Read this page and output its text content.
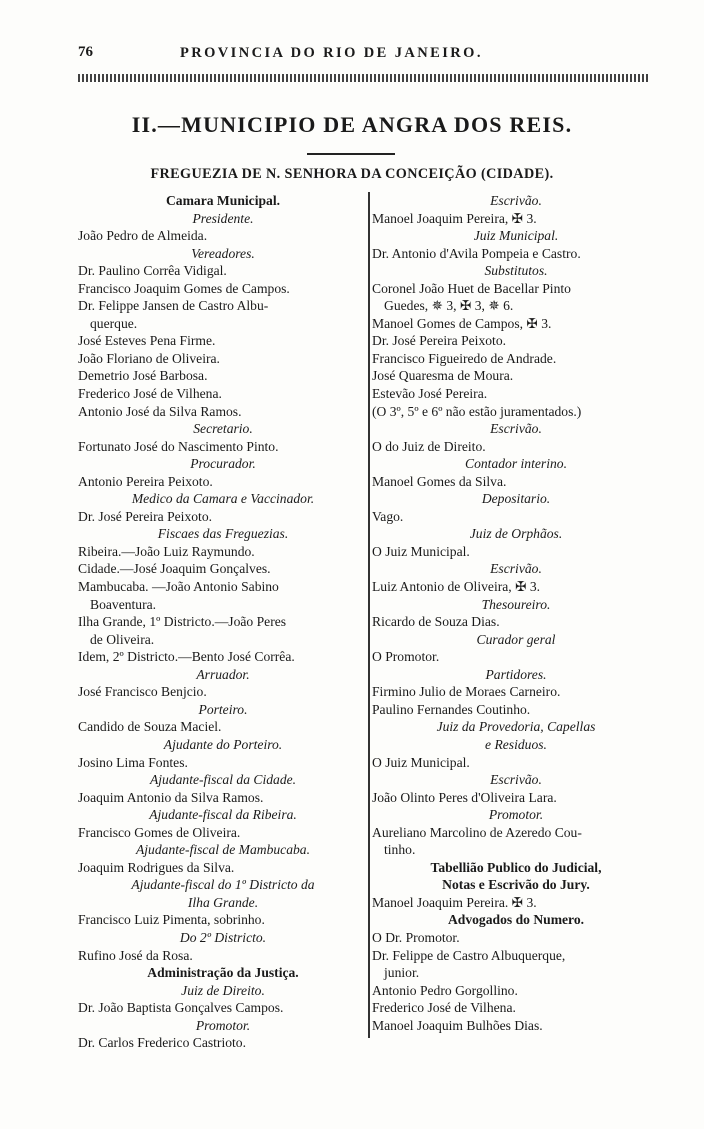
76	PROVINCIA DO RIO DE JANEIRO.
II.—MUNICIPIO DE ANGRA DOS REIS.
FREGUEZIA DE N. SENHORA DA CONCEIÇÃO (CIDADE).
Camara Municipal.
Presidente.
João Pedro de Almeida.
Vereadores.
Dr. Paulino Corrêa Vidigal.
Francisco Joaquim Gomes de Campos.
Dr. Felippe Jansen de Castro Albu-
querque.
José Esteves Pena Firme.
João Floriano de Oliveira.
Demetrio José Barbosa.
Frederico José de Vilhena.
Antonio José da Silva Ramos.
Secretario.
Fortunato José do Nascimento Pinto.
Procurador.
Antonio Pereira Peixoto.
Medico da Camara e Vaccinador.
Dr. José Pereira Peixoto.
Fiscaes das Freguezias.
Ribeira.—João Luiz Raymundo.
Cidade.—José Joaquim Gonçalves.
Mambucaba. —João Antonio Sabino
Boaventura.
Ilha Grande, 1º Districto.—João Peres
de Oliveira.
Idem, 2º Districto.—Bento José Corrêa.
Arruador.
José Francisco Benjcio.
Porteiro.
Candido de Souza Maciel.
Ajudante do Porteiro.
Josino Lima Fontes.
Ajudante-fiscal da Cidade.
Joaquim Antonio da Silva Ramos.
Ajudante-fiscal da Ribeira.
Francisco Gomes de Oliveira.
Ajudante-fiscal de Mambucaba.
Joaquim Rodrigues da Silva.
Ajudante-fiscal do 1º Districto da
Ilha Grande.
Francisco Luiz Pimenta, sobrinho.
Do 2º Districto.
Rufino José da Rosa.
Administração da Justiça.
Juiz de Direito.
Dr. João Baptista Gonçalves Campos.
Promotor.
Dr. Carlos Frederico Castrioto.
Escrivão.
Manoel Joaquim Pereira, ✠ 3.
Juiz Municipal.
Dr. Antonio d'Avila Pompeia e Castro.
Substitutos.
Coronel João Huet de Bacellar Pinto
Guedes, ✵ 3, ✠ 3, ✵ 6.
Manoel Gomes de Campos, ✠ 3.
Dr. José Pereira Peixoto.
Francisco Figueiredo de Andrade.
José Quaresma de Moura.
Estevão José Pereira.
(O 3º, 5º e 6º não estão juramentados.)
Escrivão.
O do Juiz de Direito.
Contador interino.
Manoel Gomes da Silva.
Depositario.
Vago.
Juiz de Orphãos.
O Juiz Municipal.
Escrivão.
Luiz Antonio de Oliveira, ✠ 3.
Thesoureiro.
Ricardo de Souza Dias.
Curador geral
O Promotor.
Partidores.
Firmino Julio de Moraes Carneiro.
Paulino Fernandes Coutinho.
Juiz da Provedoria, Capellas
e Residuos.
O Juiz Municipal.
Escrivão.
João Olinto Peres d'Oliveira Lara.
Promotor.
Aureliano Marcolino de Azeredo Cou-
tinho.
Tabellião Publico do Judicial,
Notas e Escrivão do Jury.
Manoel Joaquim Pereira. ✠ 3.
Advogados do Numero.
O Dr. Promotor.
Dr. Felippe de Castro Albuquerque,
junior.
Antonio Pedro Gorgollino.
Frederico José de Vilhena.
Manoel Joaquim Bulhões Dias.
